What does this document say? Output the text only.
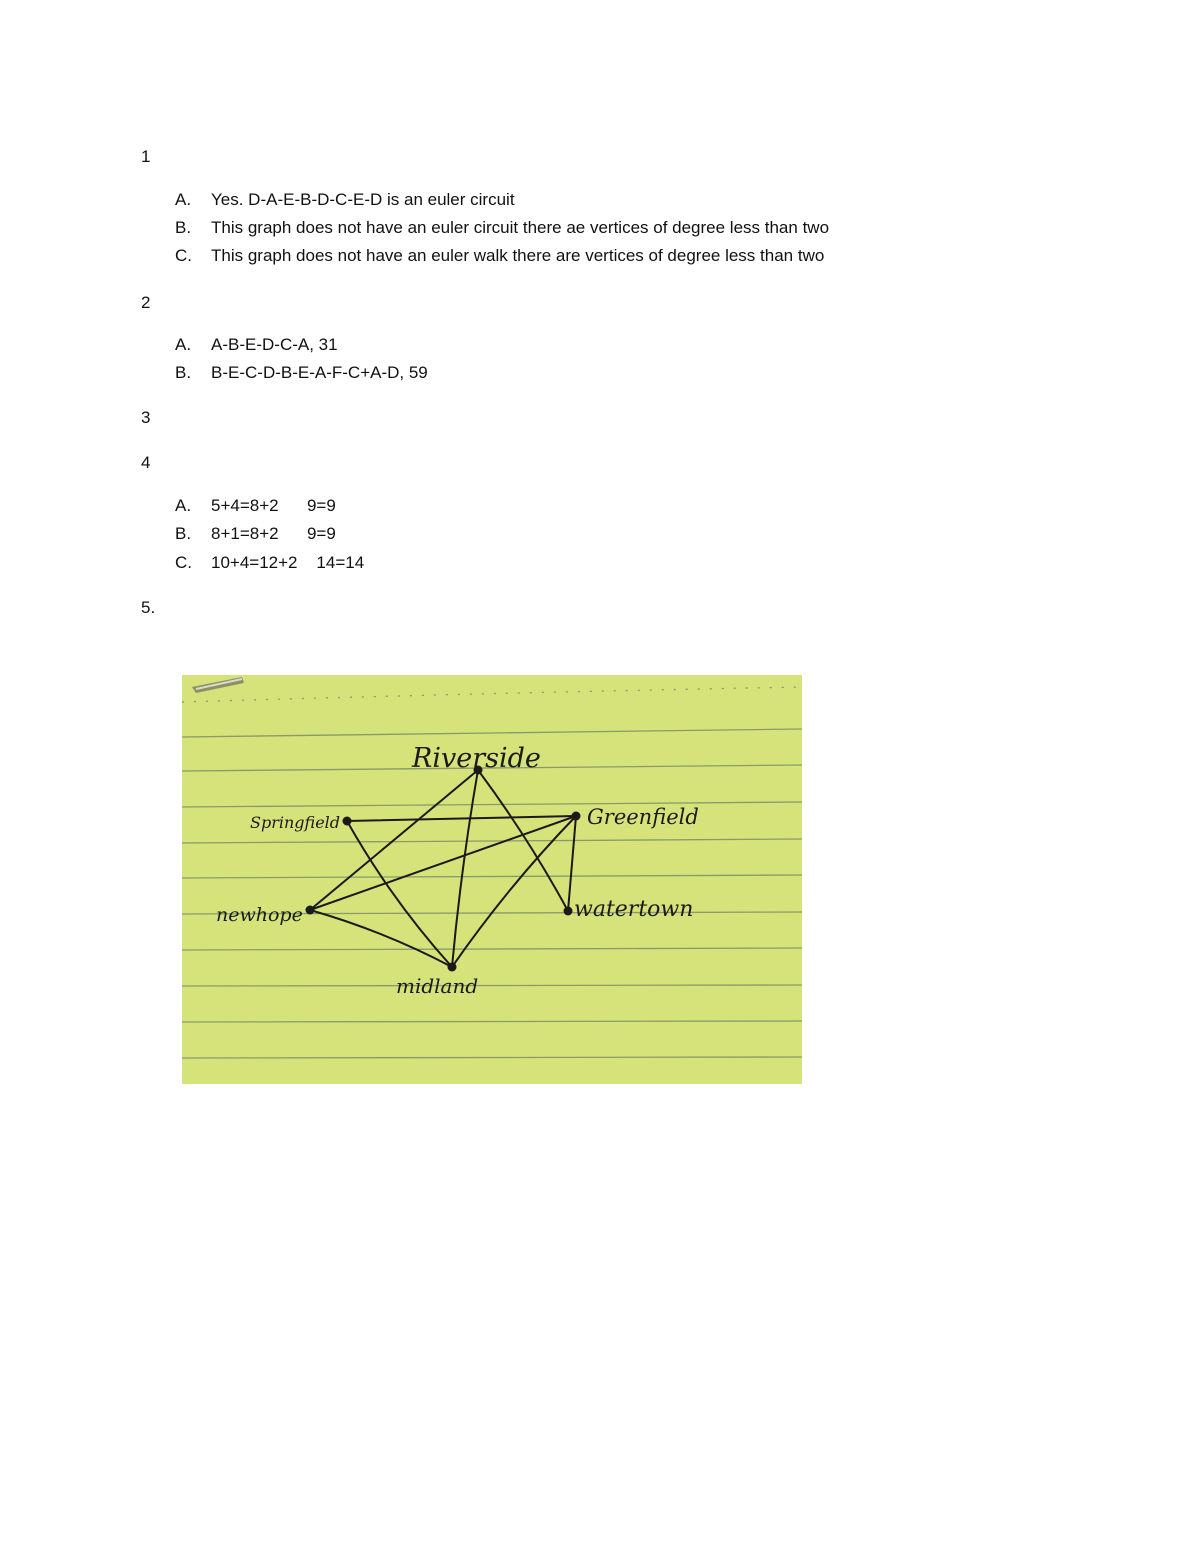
1
A. Yes. D-A-E-B-D-C-E-D is an euler circuit
B. This graph does not have an euler circuit there ae vertices of degree less than two
C. This graph does not have an euler walk there are vertices of degree less than two
2
A. A-B-E-D-C-A, 31
B. B-E-C-D-B-E-A-F-C+A-D, 59
3
4
A. 5+4=8+2      9=9
B. 8+1=8+2      9=9
C. 10+4=12+2    14=14
5.
Riverside
Springfield	Greenfield
newhope	watertown
midland
